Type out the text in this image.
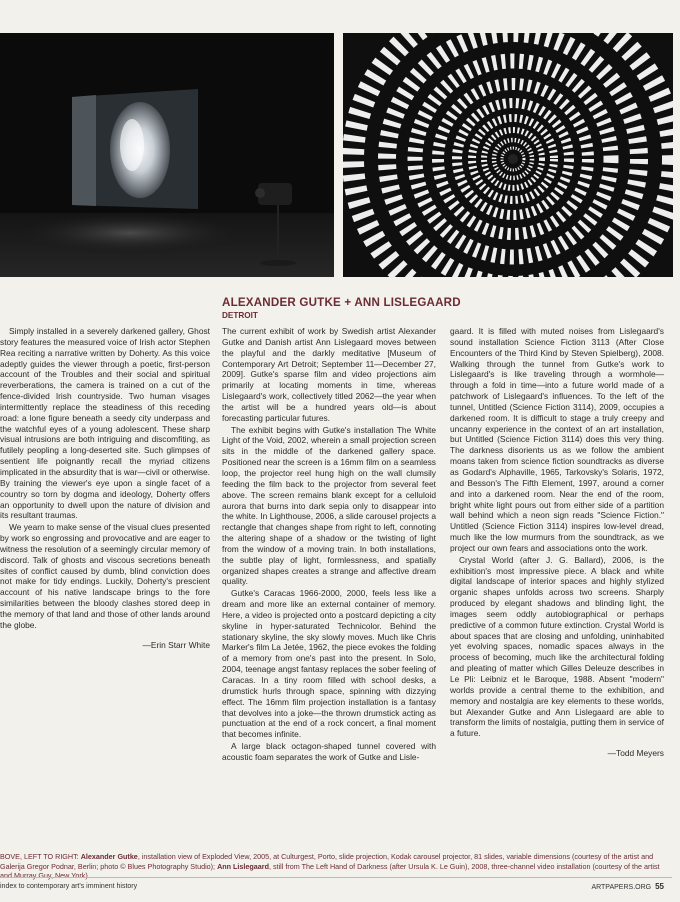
ALEXANDER GUTKE + ANN LISLEGAARD
DETROIT

Simply installed in a severely darkened gallery, Ghost story features the measured voice of Irish actor Stephen Rea reciting a narrative written by Doherty. As this voice adeptly guides the viewer through a poetic, first-person account of the Troubles and their social and spiritual reverberations, the camera is trained on a cut of the fence-divided Irish countryside. Two human visages intermittently replace the steadiness of this receding road: a lone figure beneath a seedy city underpass and the watchful eyes of a young adolescent. These sharp visual intrusions are both intriguing and discomfiting, as futilely peopling a long-deserted site. Such glimpses of sentient life poignantly recall the myriad citizens implicated in the absurdity that is war—civil or otherwise. By training the viewer's eye upon a single facet of a country so torn by dogma and ideology, Doherty offers an opportunity to dwell upon the nature of division and its resultant traumas.

We yearn to make sense of the visual clues presented by work so engrossing and provocative and are eager to witness the resolution of a seemingly circular memory of discord. Talk of ghosts and viscous secretions beneath sites of conflict caused by dumb, blind conviction does not make for tidy endings. Luckily, Doherty's prescient account of his native landscape brings to the fore similarities between the bloody clashes stored deep in the memory of that land and those of other lands around the globe.

—Erin Starr White

The current exhibit of work by Swedish artist Alexander Gutke and Danish artist Ann Lislegaard moves between the playful and the darkly meditative [Museum of Contemporary Art Detroit; September 11—December 27, 2009]. Gutke's sparse film and video projections aim primarily at locating moments in time, whereas Lislegaard's work, collectively titled 2062—the year when the artist will be a hundred years old—is about forecasting particular futures.

The exhibit begins with Gutke's installation The White Light of the Void, 2002, wherein a small projection screen sits in the middle of the darkened gallery space. Positioned near the screen is a 16mm film on a seamless loop, the projector reel hung high on the wall clumsily feeding the film back to the projector from several feet above. The screen remains blank except for a celluloid aurora that burns into dark sepia only to disappear into the white. In Lighthouse, 2006, a slide carousel projects a rectangle that changes shape from right to left, connoting the altering shape of a shadow or the twisting of light from the window of a moving train. In both installations, the subtle play of light, formlessness, and spatially organized shapes creates a strange and affective dream quality.

Gutke's Caracas 1966-2000, 2000, feels less like a dream and more like an external container of memory. Here, a video is projected onto a postcard depicting a city skyline in hyper-saturated Technicolor. Behind the stationary skyline, the sky slowly moves. Much like Chris Marker's film La Jetée, 1962, the piece evokes the folding of a memory from one's past into the present. In Solo, 2004, teenage angst fantasy replaces the sober feeling of Caracas. In a tiny room filled with school desks, a drumstick hurls through space, spinning with dizzying effect. The 16mm film projection installation is a fantasy that devolves into a joke—the thrown drumstick acting as punctuation at the end of a rock concert, a final moment that becomes infinite.

A large black octagon-shaped tunnel covered with acoustic foam separates the work of Gutke and Lisle-

gaard. It is filled with muted noises from Lislegaard's sound installation Science Fiction 3113 (After Close Encounters of the Third Kind by Steven Spielberg), 2008. Walking through the tunnel from Gutke's work to Lislegaard's is like traveling through a wormhole—through a fold in time—into a future world made of a patchwork of Lislegaard's influences. To the left of the tunnel, Untitled (Science Fiction 3114), 2009, occupies a darkened room. It is difficult to stage a truly creepy and uncanny experience in the context of an art installation, but Untitled (Science Fiction 3114) does this very thing. The darkness disorients us as we follow the ambient moans taken from science fiction soundtracks as diverse as Godard's Alphaville, 1965, Tarkovsky's Solaris, 1972, and Besson's The Fifth Element, 1997, around a corner and into a darkened room. Near the end of the room, bright white light pours out from either side of a partition wall behind which a neon sign reads "Science Fiction." Untitled (Science Fiction 3114) inspires low-level dread, much like the low murmurs from the soundtrack, as we project our own fears and associations onto the work.

Crystal World (after J. G. Ballard), 2006, is the exhibition's most impressive piece. A black and white digital landscape of interior spaces and highly stylized organic shapes unfolds across two screens. Sharply produced by elegant shadows and blinding light, the images seem oddly autobiographical or perhaps predictive of a common future extinction. Crystal World is about spaces that are closing and unfolding, uninhabited yet evolving spaces, nomadic spaces always in the process of becoming, much like the architectural folding and pleating of matter which Gilles Deleuze describes in Le Pli: Leibniz et le Baroque, 1988. Absent "modern" worlds provide a central theme to the exhibition, and memory and nostalgia are key elements to these worlds, but Alexander Gutke and Ann Lislegaard are able to transform the limits of nostalgia, putting them in service of a future.

—Todd Meyers
BOVE, LEFT TO RIGHT: Alexander Gutke, installation view of Exploded View, 2005, at Culturgest, Porto, slide projection, Kodak carousel projector, 81 slides, variable dimensions (courtesy of the artist and Galerija Gregor Podnar, Berlin; photo © Blues Photography Studio); Ann Lislegaard, still from The Left Hand of Darkness (after Ursula K. Le Guin), 2008, three-channel video installation (courtesy of the artist and Murray Guy, New York)
index to contemporary art's imminent history	ARTPAPERS.ORG 55
